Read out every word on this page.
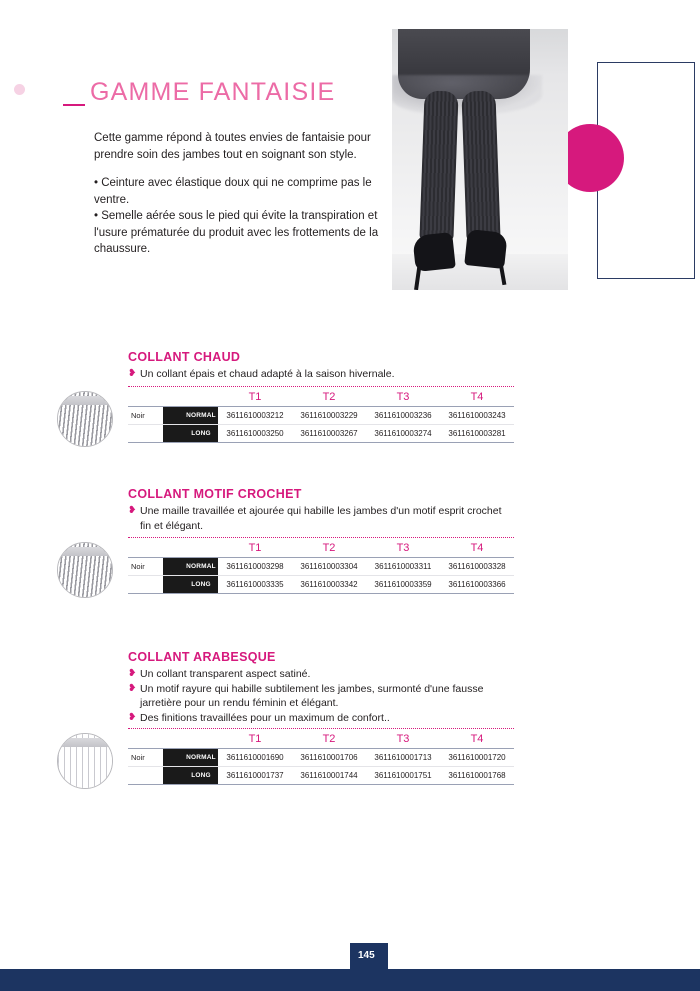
GAMME FANTAISIE

Cette gamme répond à toutes envies de fantaisie pour prendre soin des jambes tout en soignant son style.

• Ceinture avec élastique doux qui ne comprime pas le ventre.

• Semelle aérée sous le pied qui évite la transpiration et l'usure prématurée du produit avec les frottements de la chaussure.

COLLANT CHAUD
❥ Un collant épais et chaud adapté à la saison hivernale.
T1	T2	T3	T4
Noir	NORMAL	3611610003212	3611610003229	3611610003236	3611610003243
LONG	3611610003250	3611610003267	3611610003274	3611610003281
COLLANT MOTIF CROCHET
❥ Une maille travaillée et ajourée qui habille les jambes d'un motif esprit crochet fin et élégant.
T1	T2	T3	T4
Noir	NORMAL	3611610003298	3611610003304	3611610003311	3611610003328
LONG	3611610003335	3611610003342	3611610003359	3611610003366
COLLANT ARABESQUE
❥ Un collant transparent aspect satiné.
❥ Un motif rayure qui habille subtilement les jambes, surmonté d'une fausse jarretière pour un rendu féminin et élégant.
❥ Des finitions travaillées pour un maximum de confort..
T1	T2	T3	T4
Noir	NORMAL	3611610001690	3611610001706	3611610001713	3611610001720
LONG	3611610001737	3611610001744	3611610001751	3611610001768
145
